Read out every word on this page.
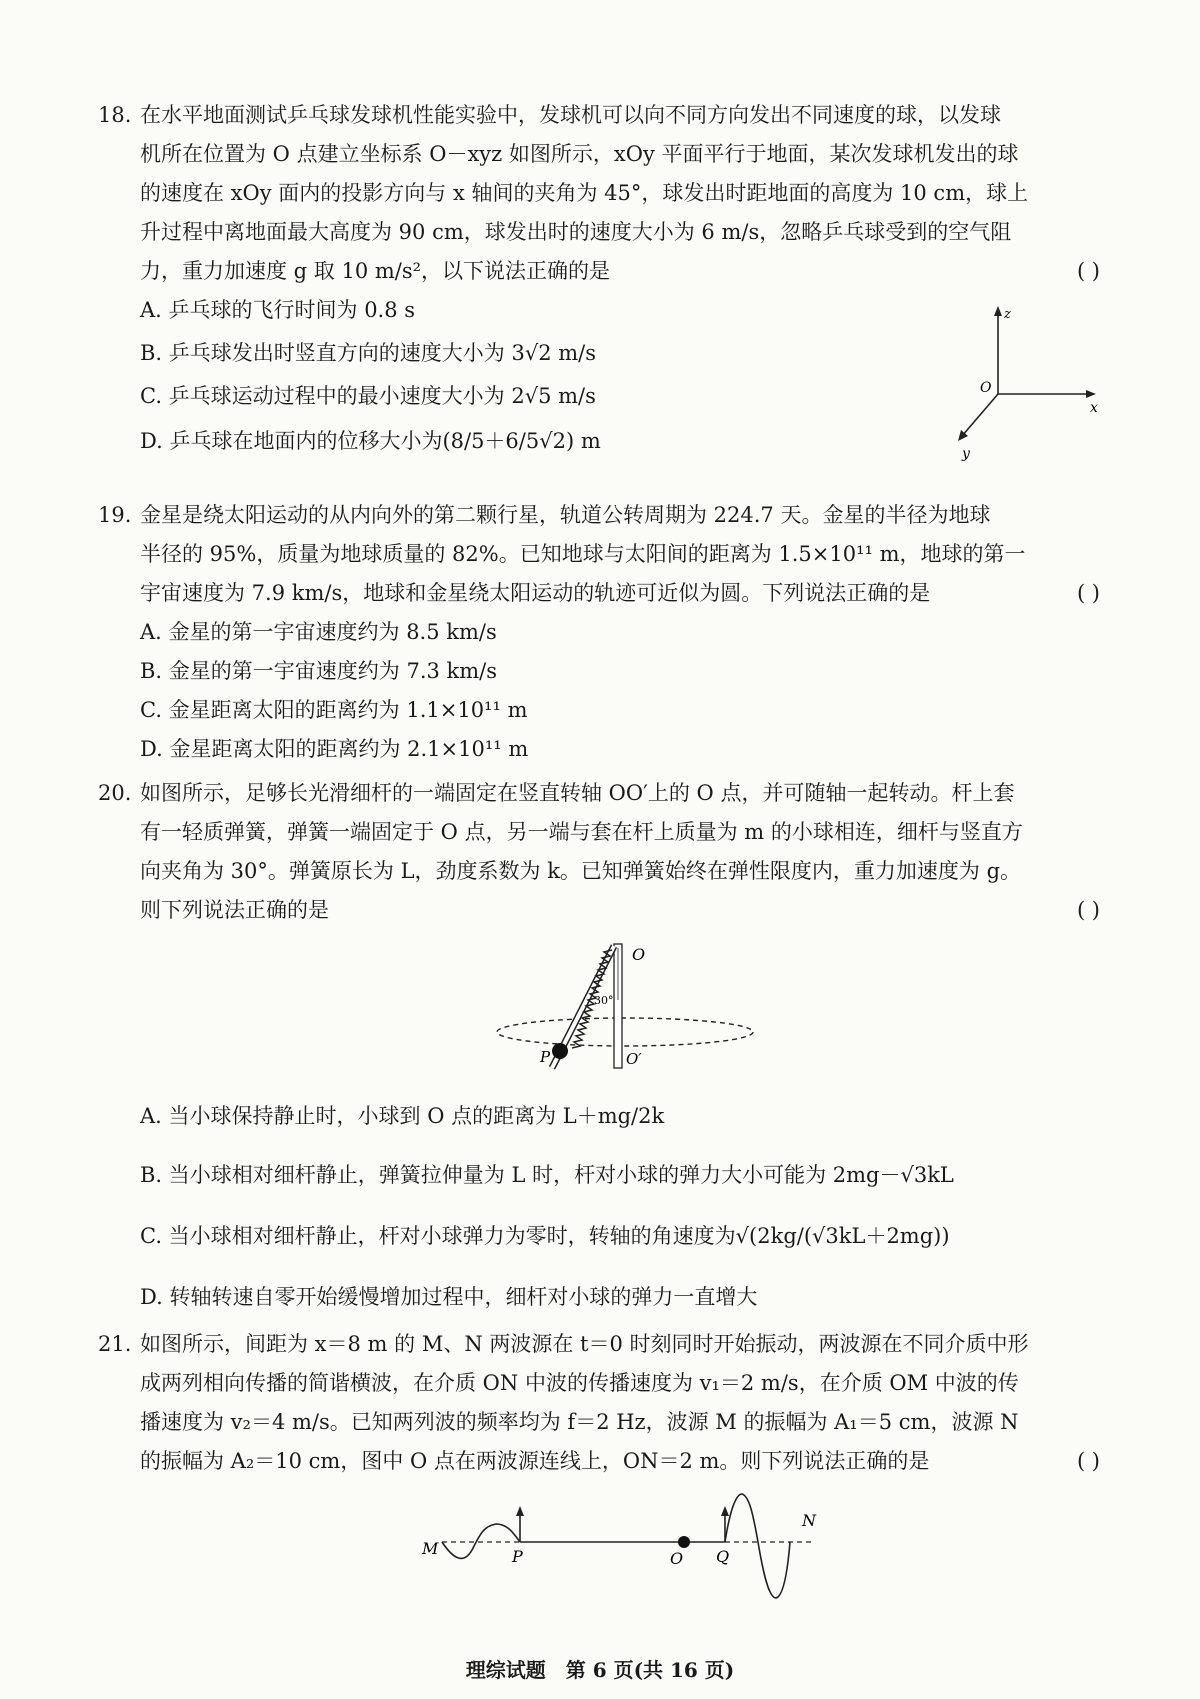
18. 在水平地面测试乒乓球发球机性能实验中，发球机可以向不同方向发出不同速度的球，以发球

机所在位置为 O 点建立坐标系 O－xyz 如图所示，xOy 平面平行于地面，某次发球机发出的球

的速度在 xOy 面内的投影方向与 x 轴间的夹角为 45°，球发出时距地面的高度为 10 cm，球上

升过程中离地面最大高度为 90 cm，球发出时的速度大小为 6 m/s，忽略乒乓球受到的空气阻

力，重力加速度 g 取 10 m/s²，以下说法正确的是	( )

A. 乒乓球的飞行时间为 0.8 s

B. 乒乓球发出时竖直方向的速度大小为 3√2 m/s

C. 乒乓球运动过程中的最小速度大小为 2√5 m/s

D. 乒乓球在地面内的位移大小为(8/5＋6/5√2) m

z
x
y
O
19. 金星是绕太阳运动的从内向外的第二颗行星，轨道公转周期为 224.7 天。金星的半径为地球

半径的 95%，质量为地球质量的 82%。已知地球与太阳间的距离为 1.5×10¹¹ m，地球的第一

宇宙速度为 7.9 km/s，地球和金星绕太阳运动的轨迹可近似为圆。下列说法正确的是	( )

A. 金星的第一宇宙速度约为 8.5 km/s

B. 金星的第一宇宙速度约为 7.3 km/s

C. 金星距离太阳的距离约为 1.1×10¹¹ m

D. 金星距离太阳的距离约为 2.1×10¹¹ m

20. 如图所示，足够长光滑细杆的一端固定在竖直转轴 OO′上的 O 点，并可随轴一起转动。杆上套

有一轻质弹簧，弹簧一端固定于 O 点，另一端与套在杆上质量为 m 的小球相连，细杆与竖直方

向夹角为 30°。弹簧原长为 L，劲度系数为 k。已知弹簧始终在弹性限度内，重力加速度为 g。

则下列说法正确的是	( )

O
O′
P
30°

A. 当小球保持静止时，小球到 O 点的距离为 L＋mg/2k

B. 当小球相对细杆静止，弹簧拉伸量为 L 时，杆对小球的弹力大小可能为 2mg－√3kL

C. 当小球相对细杆静止，杆对小球弹力为零时，转轴的角速度为√(2kg/(√3kL＋2mg))

D. 转轴转速自零开始缓慢增加过程中，细杆对小球的弹力一直增大

21. 如图所示，间距为 x＝8 m 的 M、N 两波源在 t＝0 时刻同时开始振动，两波源在不同介质中形

成两列相向传播的简谐横波，在介质 ON 中波的传播速度为 v₁＝2 m/s，在介质 OM 中波的传

播速度为 v₂＝4 m/s。已知两列波的频率均为 f＝2 Hz，波源 M 的振幅为 A₁＝5 cm，波源 N

的振幅为 A₂＝10 cm，图中 O 点在两波源连线上，ON＝2 m。则下列说法正确的是	( )

M	P	O Q
N
理综试题　第 6 页(共 16 页)
